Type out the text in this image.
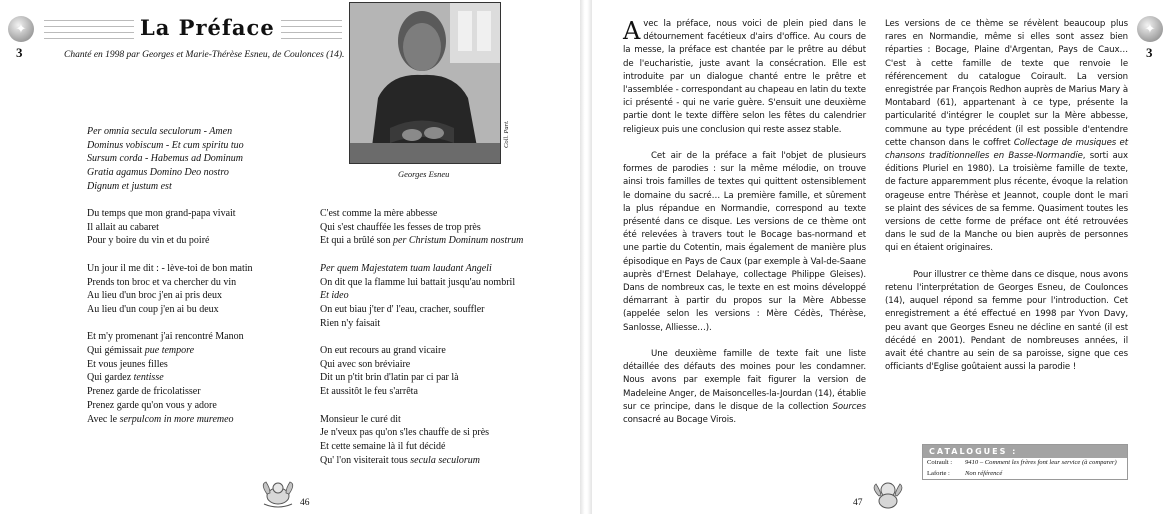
✦
3
La Préface
Chanté en 1998 par Georges et Marie-Thérèse Esneu, de Coulonces (14).
Coll. Part.
Georges Esneu
Per omnia secula seculorum - Amen
Dominus vobiscum - Et cum spiritu tuo
Sursum corda - Habemus ad Dominum
Gratia agamus Domino Deo nostro
Dignum et justum est

Du temps que mon grand-papa vivait
Il allait au cabaret
Pour y boire du vin et du poiré

Un jour il me dit : - lève-toi de bon matin
Prends ton broc et va chercher du vin
Au lieu d'un broc j'en ai pris deux
Au lieu d'un coup j'en ai bu deux

Et m'y promenant j'ai rencontré Manon
Qui gémissait pue tempore
Et vous jeunes filles
Qui gardez tentisse
Prenez garde de fricolatisser
Prenez garde qu'on vous y adore
Avec le serpulcom in more muremeo

C'est comme la mère abbesse
Qui s'est chauffée les fesses de trop près
Et qui a brûlé son per Christum Dominum nostrum

Per quem Majestatem tuam laudant Angeli
On dit que la flamme lui battait jusqu'au nombril
Et ideo
On eut biau j'ter d' l'eau, cracher, souffler
Rien n'y faisait

On eut recours au grand vicaire
Qui avec son bréviaire
Dit un p'tit brin d'latin par ci par là
Et aussitôt le feu s'arrêta

Monsieur le curé dit
Je n'veux pas qu'on s'les chauffe de si près
Et cette semaine là il fut décidé
Qu' l'on visiterait tous secula seculorum

46

Avec la préface, nous voici de plein pied dans le détournement facétieux d'airs d'office. Au cours de la messe, la préface est chantée par le prêtre au début de l'eucharistie, juste avant la consécration. Elle est introduite par un dialogue chanté entre le prêtre et l'assemblée - correspondant au chapeau en latin du texte ici présenté - qui ne varie guère. S'ensuit une deuxième partie dont le texte diffère selon les fêtes du calendrier religieux puis une conclusion qui reste assez stable.

Cet air de la préface a fait l'objet de plusieurs formes de parodies : sur la même mélodie, on trouve ainsi trois familles de textes qui quittent ostensiblement le domaine du sacré… La première famille, et sûrement la plus répandue en Normandie, correspond au texte présenté dans ce disque. Les versions de ce thème ont été relevées à travers tout le Bocage bas-normand et une partie du Cotentin, mais également de manière plus épisodique en Pays de Caux (par exemple à Val-de-Saane auprès d'Ernest Delahaye, collectage Philippe Gleises). Dans de nombreux cas, le texte en est moins développé démarrant à partir du propos sur la Mère Abbesse (appelée selon les versions : Mère Cédès, Thérèse, Sanlosse, Alliesse…).

Une deuxième famille de texte fait une liste détaillée des défauts des moines pour les condamner. Nous avons par exemple fait figurer la version de Madeleine Anger, de Maisoncelles-la-Jourdan (14), établie sur ce principe, dans le disque de la collection Sources consacré au Bocage Virois.

Les versions de ce thème se révèlent beaucoup plus rares en Normandie, même si elles sont assez bien réparties : Bocage, Plaine d'Argentan, Pays de Caux… C'est à cette famille de texte que renvoie le référencement du catalogue Coirault. La version enregistrée par François Redhon auprès de Marius Mary à Montabard (61), appartenant à ce type, présente la particularité d'intégrer le couplet sur la Mère abbesse, commune au type précédent (il est possible d'entendre cette chanson dans le coffret Collectage de musiques et chansons traditionnelles en Basse-Normandie, sorti aux éditions Pluriel en 1980). La troisième famille de texte, de facture apparemment plus récente, évoque la relation orageuse entre Thérèse et Jeannot, couple dont le mari se plaint des sévices de sa femme. Quasiment toutes les versions de cette forme de préface ont été retrouvées dans le sud de la Manche ou bien auprès de personnes qui en étaient originaires.

Pour illustrer ce thème dans ce disque, nous avons retenu l'interprétation de Georges Esneu, de Coulonces (14), auquel répond sa femme pour l'introduction. Cet enregistrement a été effectué en 1998 par Yvon Davy, peu avant que Georges Esneu ne décline en santé (il est décédé en 2001). Pendant de nombreuses années, il avait été chantre au sein de sa paroisse, signe que ces officiants d'Eglise goûtaient aussi la parodie !

✦
3
CATALOGUES :
Coirault :	9410 – Comment les frères font leur service (à comparer)
Laforte :	Non référencé
47
